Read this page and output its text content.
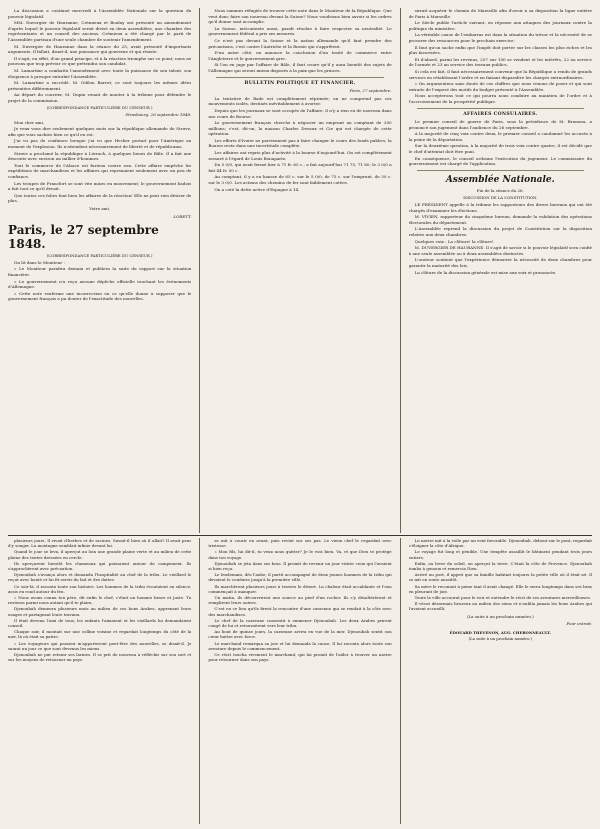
La discussion a continué mercredi à l'Assemblée Nationale sur la question du pouvoir législatif.

MM. Duvergier de Hauranne, Crémieux et Boulay ont présenté un amendement d'après lequel le pouvoir législatif serait divisé en deux assemblées, une chambre des représentants et un conseil des anciens. Crémieux a été chargé par le parti de l'Assemblée partisan d'une seule chambre de soutenir l'amendement.

M. Duvergier de Hauranne dans la séance du 25, avait présenté d'importants arguments. Il fallait, disait-il, une puissance qui gouverne et qui résiste.

Il s'agit, en effet, d'un grand principe, et à la réaction triomphe sur ce point, nous ne pouvons que trop prévoir ce que prétendra son candidat.

M. Lamartine a combattu l'amendement avec toute la puissance de son talent, son éloquence à presque entraîné l'Assemblée.

M. Lamartine a succédé. M. Odilon Barrot; ce sont toujours les mêmes idées présentées différemment.

Au départ du courrier, M. Dupin venait de monter à la tribune pour défendre le projet de la commission.

(CORRESPONDANCE PARTICULIÈRE DU CENSEUR.)
Strasbourg, 26 septembre 1848.

Mon cher ami,

Je veux vous dire seulement quelques mots sur la république allemande de Struve, afin que vous sachiez bien ce qu'il en est.

J'ai vu pas de confiance lorsque j'ai vu que Hecker portait pour l'Amérique au moment de l'explosion. Ils n'attendent nécessairement de liberté et de républicains.

Struve a proclamé la république à Lörrach, à quelques lieues de Bâle. Il a fait une descente avec environ un millier d'hommes.

Tout le commerce de l'Alsace est furieux contre eux. Cette affaire empêche les expéditions de marchandises et les affaires qui reprenaient seulement avec un peu de confiance.

Les troupes de Francfort se sont vite mises en mouvement; le gouvernement badois a fait tout ce qu'il devait.

Que toutes ces folies font bien les affaires de la réaction! Elle ne peut rien désirer de plus.

Votre ami,
LORETT.
Paris, le 27 septembre 1848.
(CORRESPONDANCE PARTICULIÈRE DU CENSEUR.)

On lit dans le Moniteur :

« Le Moniteur paraîtra demain et publiera la suite du rapport sur la situation financière.

« Le gouvernement n'a reçu aucune dépêche officielle touchant les événements d'Allemagne.

« Cette note renferme une incorrection en ce qu'elle donne à supposer que le gouvernement français a pu douter de l'exactitude des nouvelles.

Nous sommes réfugiés de trouver cette note dans le Moniteur de la République. Que veut donc faire son nouveau devant la Suisse? Nous voudrions bien savoir si les ordres qu'il donne sont accomplis.

La Suisse, mécontente aussi, paraît résolue à faire respecter sa neutralité. Le gouvernement fédéral a pris ses mesures.

Ce n'est pas devant la Suisse et la nation allemande qu'il faut prendre des précautions, c'est contre l'Autriche et la Russie qui s'apprêtent.

D'un autre côté, on annonce la conclusion d'un traité de commerce entre l'Angleterre et le gouvernement grec.

Si l'on en juge par l'affaire de Bâle, il faut croire qu'il y aura bientôt des sujets de l'Allemagne qui seront mieux disposés à la paix que les princes.

BULLETIN POLITIQUE ET FINANCIER.
Paris, 27 septembre.

La tentative de Bade est complètement réprimée; on ne comprend pas ces mouvements isolés, destinés inévitablement à avorter.

Depuis que les journaux se sont occupés de l'affaire, il n'y a rien eu de nouveau dans nos cours de Bourse.

Le gouvernement français cherche à négocier un emprunt au comptant de 300 millions; c'est, dit-on, la maison Charles Devaux et Cie qui est chargée de cette opération.

Les efforts d'Ivoire ne parviennent pas à faire changer le cours des fonds publics; la Bourse reste dans une incertitude complète.

Les affaires ont repris plus d'activité à la bourse d'aujourd'hui. On est complètement rassuré à l'égard de Louis Bonaparte.

Du 5 0/0, qui avait fermé hier à 71 fr. 65 c., a fait aujourd'hui 71 75, 71 80; le 3 0/0 a fait 44 fr. 50 c.

Au comptant, il y a eu hausse de 65 c. sur le 5 0/0, de 75 c. sur l'emprunt, de 30 c. sur le 3 0/0. Les actions des chemins de fer sont faiblement cotées.

On a coté la dette active d'Espagne à 14.

sirrait acquérir le chemin de Marseille afin d'avoir à sa disposition la ligne entière de Paris à Marseille.

Le Siècle publie l'article suivant, en réponse aux attaques des journaux contre la politique du ministère.

La véritable cause de l'embarras est dans la situation du trésor et la nécessité de se procurer des ressources pour le prochain exercice.

Il faut qu'on sache enfin que l'impôt doit porter sur les classes les plus riches et les plus favorisées.

Et d'abord, parmi les revenus, 257 sur 100 se vendent et les intérêts, 22 au service de l'armée et 23 au service des travaux publics.

Si cela est fait, il faut nécessairement convenir que la République a rendu de grands services en rétablissant l'ordre et en faisant disparaître les charges extraordinaires.

« On argumentera sans doute de ces chiffres que nous venons de poser et qui sont extraits de l'exposé des motifs du budget présenté à l'Assemblée.

Nous accepterons tout ce qui pourra nous conduire au maintien de l'ordre et à l'accroissement de la prospérité publique.

AFFAIRES CONSULAIRES.

Le premier conseil de guerre de Paris, sous la présidence de M. Bruneau, a prononcé son jugement dans l'audience du 26 septembre.

A la majorité de cinq voix contre deux, le premier conseil a condamné les accusés à la peine de la déportation.

Sur la deuxième question, à la majorité de trois voix contre quatre, il est décidé que le chef d'attentat doit être puni.

En conséquence, le conseil ordonne l'exécution du jugement. Le commissaire du gouvernement est chargé de l'application.

Assemblée Nationale.
Fin de la séance du 26.
DISCUSSION DE LA CONSTITUTION.

LE PRÉSIDENT appelle à la tribune les rapporteurs des divers bureaux qui ont été chargés d'examiner les élections.

M. VIVIEN, rapporteur du cinquième bureau, demande la validation des opérations électorales du département.

L'Assemblée reprend la discussion du projet de Constitution sur la disposition relative aux deux chambres.

Quelques voix : La clôture! la clôture!

M. DUVERGIER DE HAURANNE. Il s'agit de savoir si le pouvoir législatif sera confié à une seule assemblée ou à deux assemblées distinctes.

L'orateur soutient que l'expérience démontre la nécessité de deux chambres pour garantir la maturité des lois.

La clôture de la discussion générale est mise aux voix et prononcée.

plusieurs jours. Il vivait d'herbes et de racines. Savait-il bien où il allait? Il avait peur d'y songer. La montagne semblait infinie devant lui.

Quand le jour se leva, il aperçut au loin une grande plaine verte et au milieu de cette plaine des tentes dressées en cercle.

Ils aperçurent bientôt les chameaux qui paissaient autour du campement. Ils s'approchèrent avec précaution.

Djenoubah s'avança alors et demanda l'hospitalité au chef de la tribu. Le vieillard le reçut avec bonté et lui fit servir du lait et des dattes.

Ce soir-là, il raconta toute son histoire. Les hommes de la tribu écoutaient en silence, assis en rond autour du feu.

« Nous avons connu ton père, dit enfin le chef, c'était un homme brave et juste. Tu resteras parmi nous autant qu'il te plaira.

Djenoubah demeura plusieurs mois au milieu de ces bons Arabes, apprenant leurs usages et partageant leurs travaux.

Il était devenu l'ami de tous; les enfants l'aimaient et les vieillards lui demandaient conseil.

Chaque soir, il montait sur une colline voisine et regardait longtemps du côté de la mer, là où était sa patrie.

« Les voyageurs qui passent m'apporteront peut-être des nouvelles, se disait-il. Je saurai un jour ce que sont devenus les miens.

Djenoubah ne put retenir ses larmes. Il se prit de nouveau à réfléchir sur son sort et sur les moyens de retourner au pays.

se mit à courir en avant, puis revint sur ses pas. Le vieux chef le regardait avec tristesse.

« Mon fils, lui dit-il, tu veux nous quitter? Je le vois bien. Va, et que Dieu te protège dans ton voyage.

Djenoubah se jeta dans ses bras. Il promit de revenir un jour visiter ceux qui l'avaient si bien reçu.

Le lendemain, dès l'aube, il partit accompagné de deux jeunes hommes de la tribu qui devaient le conduire jusqu'à la première ville.

Ils marchèrent plusieurs jours à travers le désert. La chaleur était accablante et l'eau commençait à manquer.

Un matin, ils découvrirent une source au pied d'un rocher. Ils s'y désaltérèrent et remplirent leurs outres.

C'est en ce lieu qu'ils firent la rencontre d'une caravane qui se rendait à la côte avec des marchandises.

Le chef de la caravane consentit à emmener Djenoubah. Les deux Arabes prirent congé de lui et retournèrent vers leur tribu.

Au bout de quinze jours, la caravane arriva en vue de la mer. Djenoubah sentit son cœur battre avec force.

Le marchand remarqua sa joie et lui demanda la cause. Il lui raconta alors toute son aventure depuis le commencement.

Ce récit toucha vivement le marchand, qui lui promit de l'aider à trouver un navire pour retourner dans son pays.

Le navire mit à la voile par un vent favorable. Djenoubah, debout sur le pont, regardait s'éloigner la côte d'Afrique.

Le voyage fut long et pénible. Une tempête assaillit le bâtiment pendant trois jours entiers.

Enfin, au lever du soleil, on aperçut la terre. C'était la côte de Provence. Djenoubah tomba à genoux et remercia Dieu.

Arrivé au port, il apprit que sa famille habitait toujours la petite ville où il était né. Il se mit en route aussitôt.

Sa mère le reconnut à peine tant il avait changé. Elle le serra longtemps dans ses bras en pleurant de joie.

Toute la ville accourut pour le voir et entendre le récit de ses aventures merveilleuses.

Il vécut désormais heureux au milieu des siens et n'oublia jamais les bons Arabes qui l'avaient accueilli.

(La suite à un prochain numéro.)
Pour extrait:
ÉDOUARD THEVENON, AUG. CHERONNEAULT.
(La suite à un prochain numéro.)
